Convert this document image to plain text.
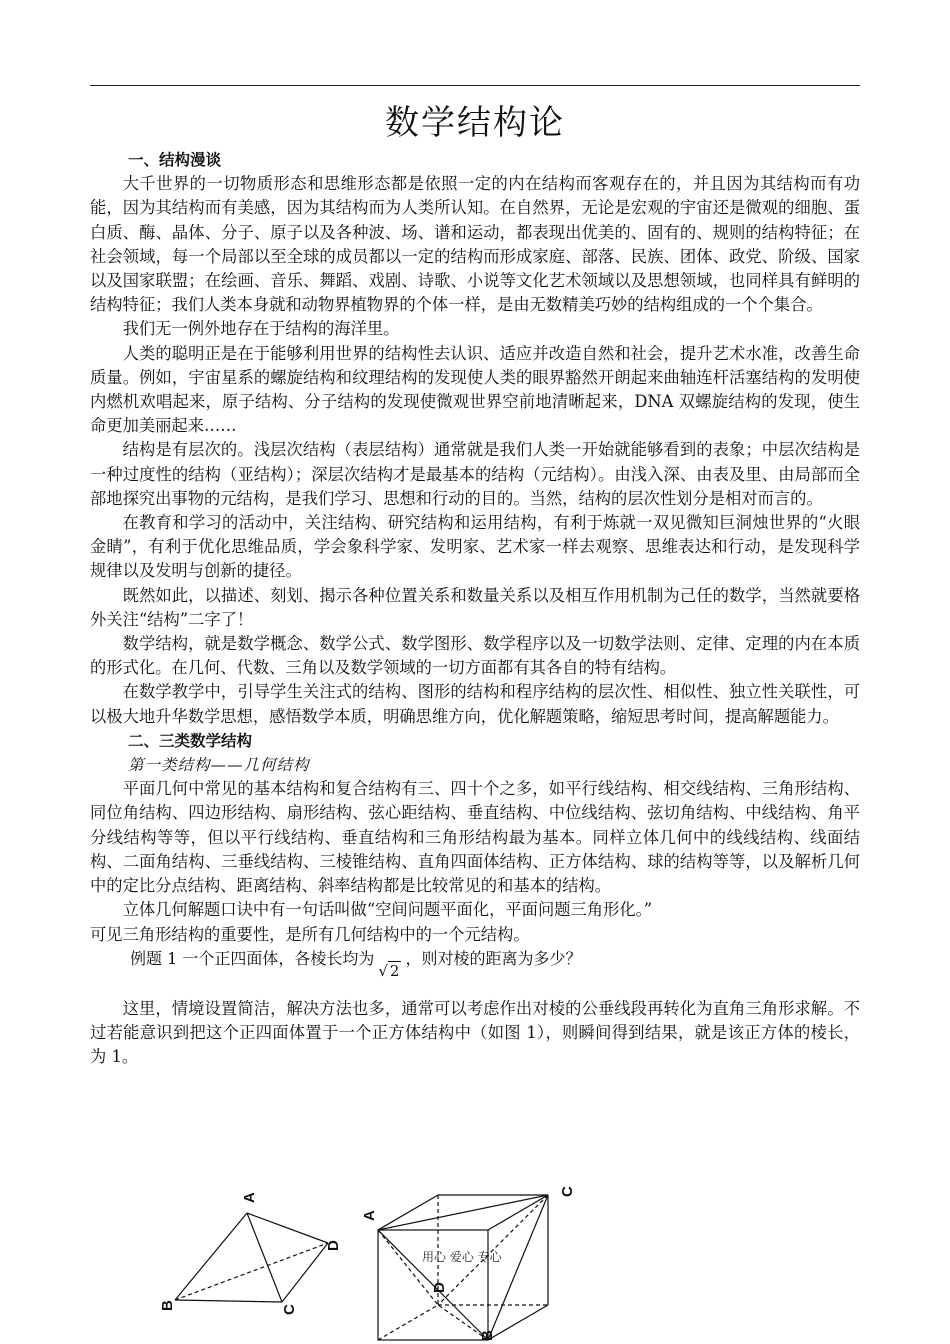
数学结构论

一、结构漫谈

大千世界的一切物质形态和思维形态都是依照一定的内在结构而客观存在的，并且因为其结构而有功能，因为其结构而有美感，因为其结构而为人类所认知。在自然界，无论是宏观的宇宙还是微观的细胞、蛋白质、酶、晶体、分子、原子以及各种波、场、谱和运动，都表现出优美的、固有的、规则的结构特征；在社会领域，每一个局部以至全球的成员都以一定的结构而形成家庭、部落、民族、团体、政党、阶级、国家以及国家联盟；在绘画、音乐、舞蹈、戏剧、诗歌、小说等文化艺术领域以及思想领域，也同样具有鲜明的结构特征；我们人类本身就和动物界植物界的个体一样，是由无数精美巧妙的结构组成的一个个集合。

我们无一例外地存在于结构的海洋里。

人类的聪明正是在于能够利用世界的结构性去认识、适应并改造自然和社会，提升艺术水准，改善生命质量。例如，宇宙星系的螺旋结构和纹理结构的发现使人类的眼界豁然开朗起来曲轴连杆活塞结构的发明使内燃机欢唱起来，原子结构、分子结构的发现使微观世界空前地清晰起来，DNA 双螺旋结构的发现，使生命更加美丽起来……

结构是有层次的。浅层次结构（表层结构）通常就是我们人类一开始就能够看到的表象；中层次结构是一种过度性的结构（亚结构）；深层次结构才是最基本的结构（元结构）。由浅入深、由表及里、由局部而全部地探究出事物的元结构，是我们学习、思想和行动的目的。当然，结构的层次性划分是相对而言的。

在教育和学习的活动中，关注结构、研究结构和运用结构，有利于炼就一双见微知巨洞烛世界的“火眼金睛”，有利于优化思维品质，学会象科学家、发明家、艺术家一样去观察、思维表达和行动，是发现科学规律以及发明与创新的捷径。

既然如此，以描述、刻划、揭示各种位置关系和数量关系以及相互作用机制为己任的数学，当然就要格外关注“结构”二字了！

数学结构，就是数学概念、数学公式、数学图形、数学程序以及一切数学法则、定律、定理的内在本质的形式化。在几何、代数、三角以及数学领域的一切方面都有其各自的特有结构。

在数学教学中，引导学生关注式的结构、图形的结构和程序结构的层次性、相似性、独立性关联性，可以极大地升华数学思想，感悟数学本质，明确思维方向，优化解题策略，缩短思考时间，提高解题能力。

二、三类数学结构

第一类结构——几何结构

平面几何中常见的基本结构和复合结构有三、四十个之多，如平行线结构、相交线结构、三角形结构、同位角结构、四边形结构、扇形结构、弦心距结构、垂直结构、中位线结构、弦切角结构、中线结构、角平分线结构等等，但以平行线结构、垂直结构和三角形结构最为基本。同样立体几何中的线线结构、线面结构、二面角结构、三垂线结构、三棱锥结构、直角四面体结构、正方体结构、球的结构等等，以及解析几何中的定比分点结构、距离结构、斜率结构都是比较常见的和基本的结构。

立体几何解题口诀中有一句话叫做“空间问题平面化，平面问题三角形化。”

可见三角形结构的重要性，是所有几何结构中的一个元结构。

例题 1 一个正四面体，各棱长均为√ 2，则对棱的距离为多少？

这里，情境设置简洁，解决方法也多，通常可以考虑作出对棱的公垂线段再转化为直角三角形求解。不过若能意识到把这个正四面体置于一个正方体结构中（如图 1），则瞬间得到结果，就是该正方体的棱长，为 1。

A
B	C
D
用心 爱心 专心
A
B
C
D
